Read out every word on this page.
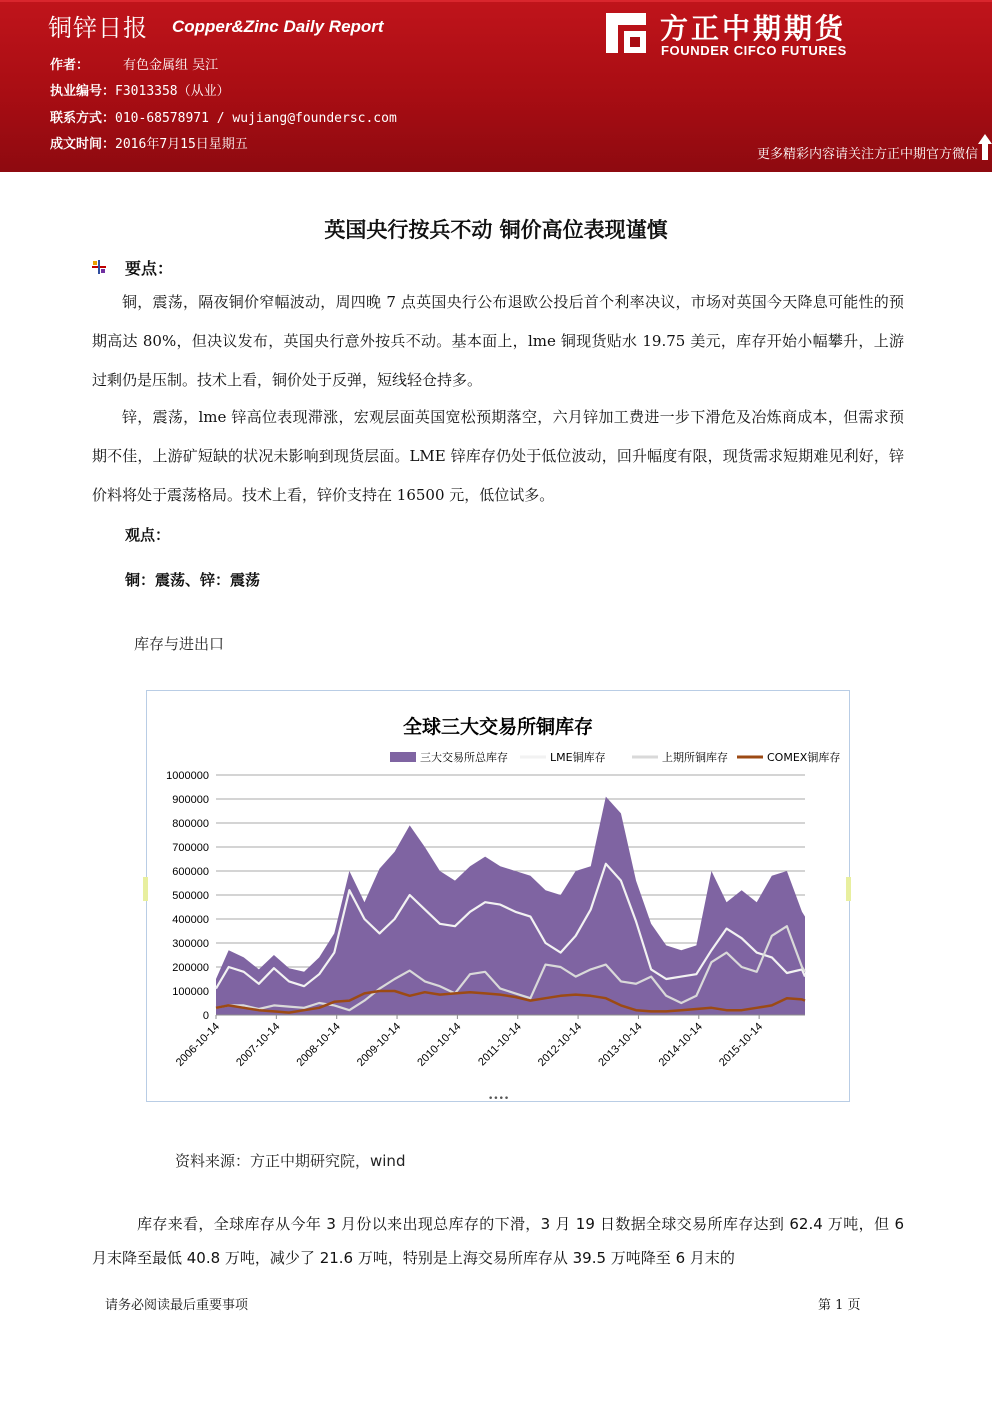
铜锌日报 Copper&Zinc Daily Report
作者：	有色金属组 吴江
执业编号：F3013358（从业）
联系方式：010-68578971 / wujiang@foundersc.com
成文时间：2016年7月15日星期五
方正中期期货
FOUNDER CIFCO FUTURES
更多精彩内容请关注方正中期官方微信
英国央行按兵不动 铜价高位表现谨慎
要点：

铜，震荡，隔夜铜价窄幅波动，周四晚 7 点英国央行公布退欧公投后首个利率决议，市场对英国今天降息可能性的预期高达 80%，但决议发布，英国央行意外按兵不动。基本面上，lme 铜现货贴水 19.75 美元，库存开始小幅攀升，上游过剩仍是压制。技术上看，铜价处于反弹，短线轻仓持多。

锌，震荡，lme 锌高位表现滞涨，宏观层面英国宽松预期落空，六月锌加工费进一步下滑危及冶炼商成本，但需求预期不佳，上游矿短缺的状况未影响到现货层面。LME 锌库存仍处于低位波动，回升幅度有限，现货需求短期难见利好，锌价料将处于震荡格局。技术上看，锌价支持在 16500 元，低位试多。

观点：
铜：震荡、锌：震荡
库存与进出口
全球三大交易所铜库存
0
100000
200000
300000
400000
500000
600000
700000
800000
900000
1000000
2006-10-14 2007-10-14 2008-10-14 2009-10-14 2010-10-14 2011-10-14 2012-10-14 2013-10-14 2014-10-14 2015-10-14
三大交易所总库存	LME铜库存	上期所铜库存	COMEX铜库存
••••
资料来源：方正中期研究院，wind

库存来看，全球库存从今年 3 月份以来出现总库存的下滑，3 月 19 日数据全球交易所库存达到 62.4 万吨，但 6 月末降至最低 40.8 万吨，减少了 21.6 万吨，特别是上海交易所库存从 39.5 万吨降至 6 月末的

请务必阅读最后重要事项	第 1 页
